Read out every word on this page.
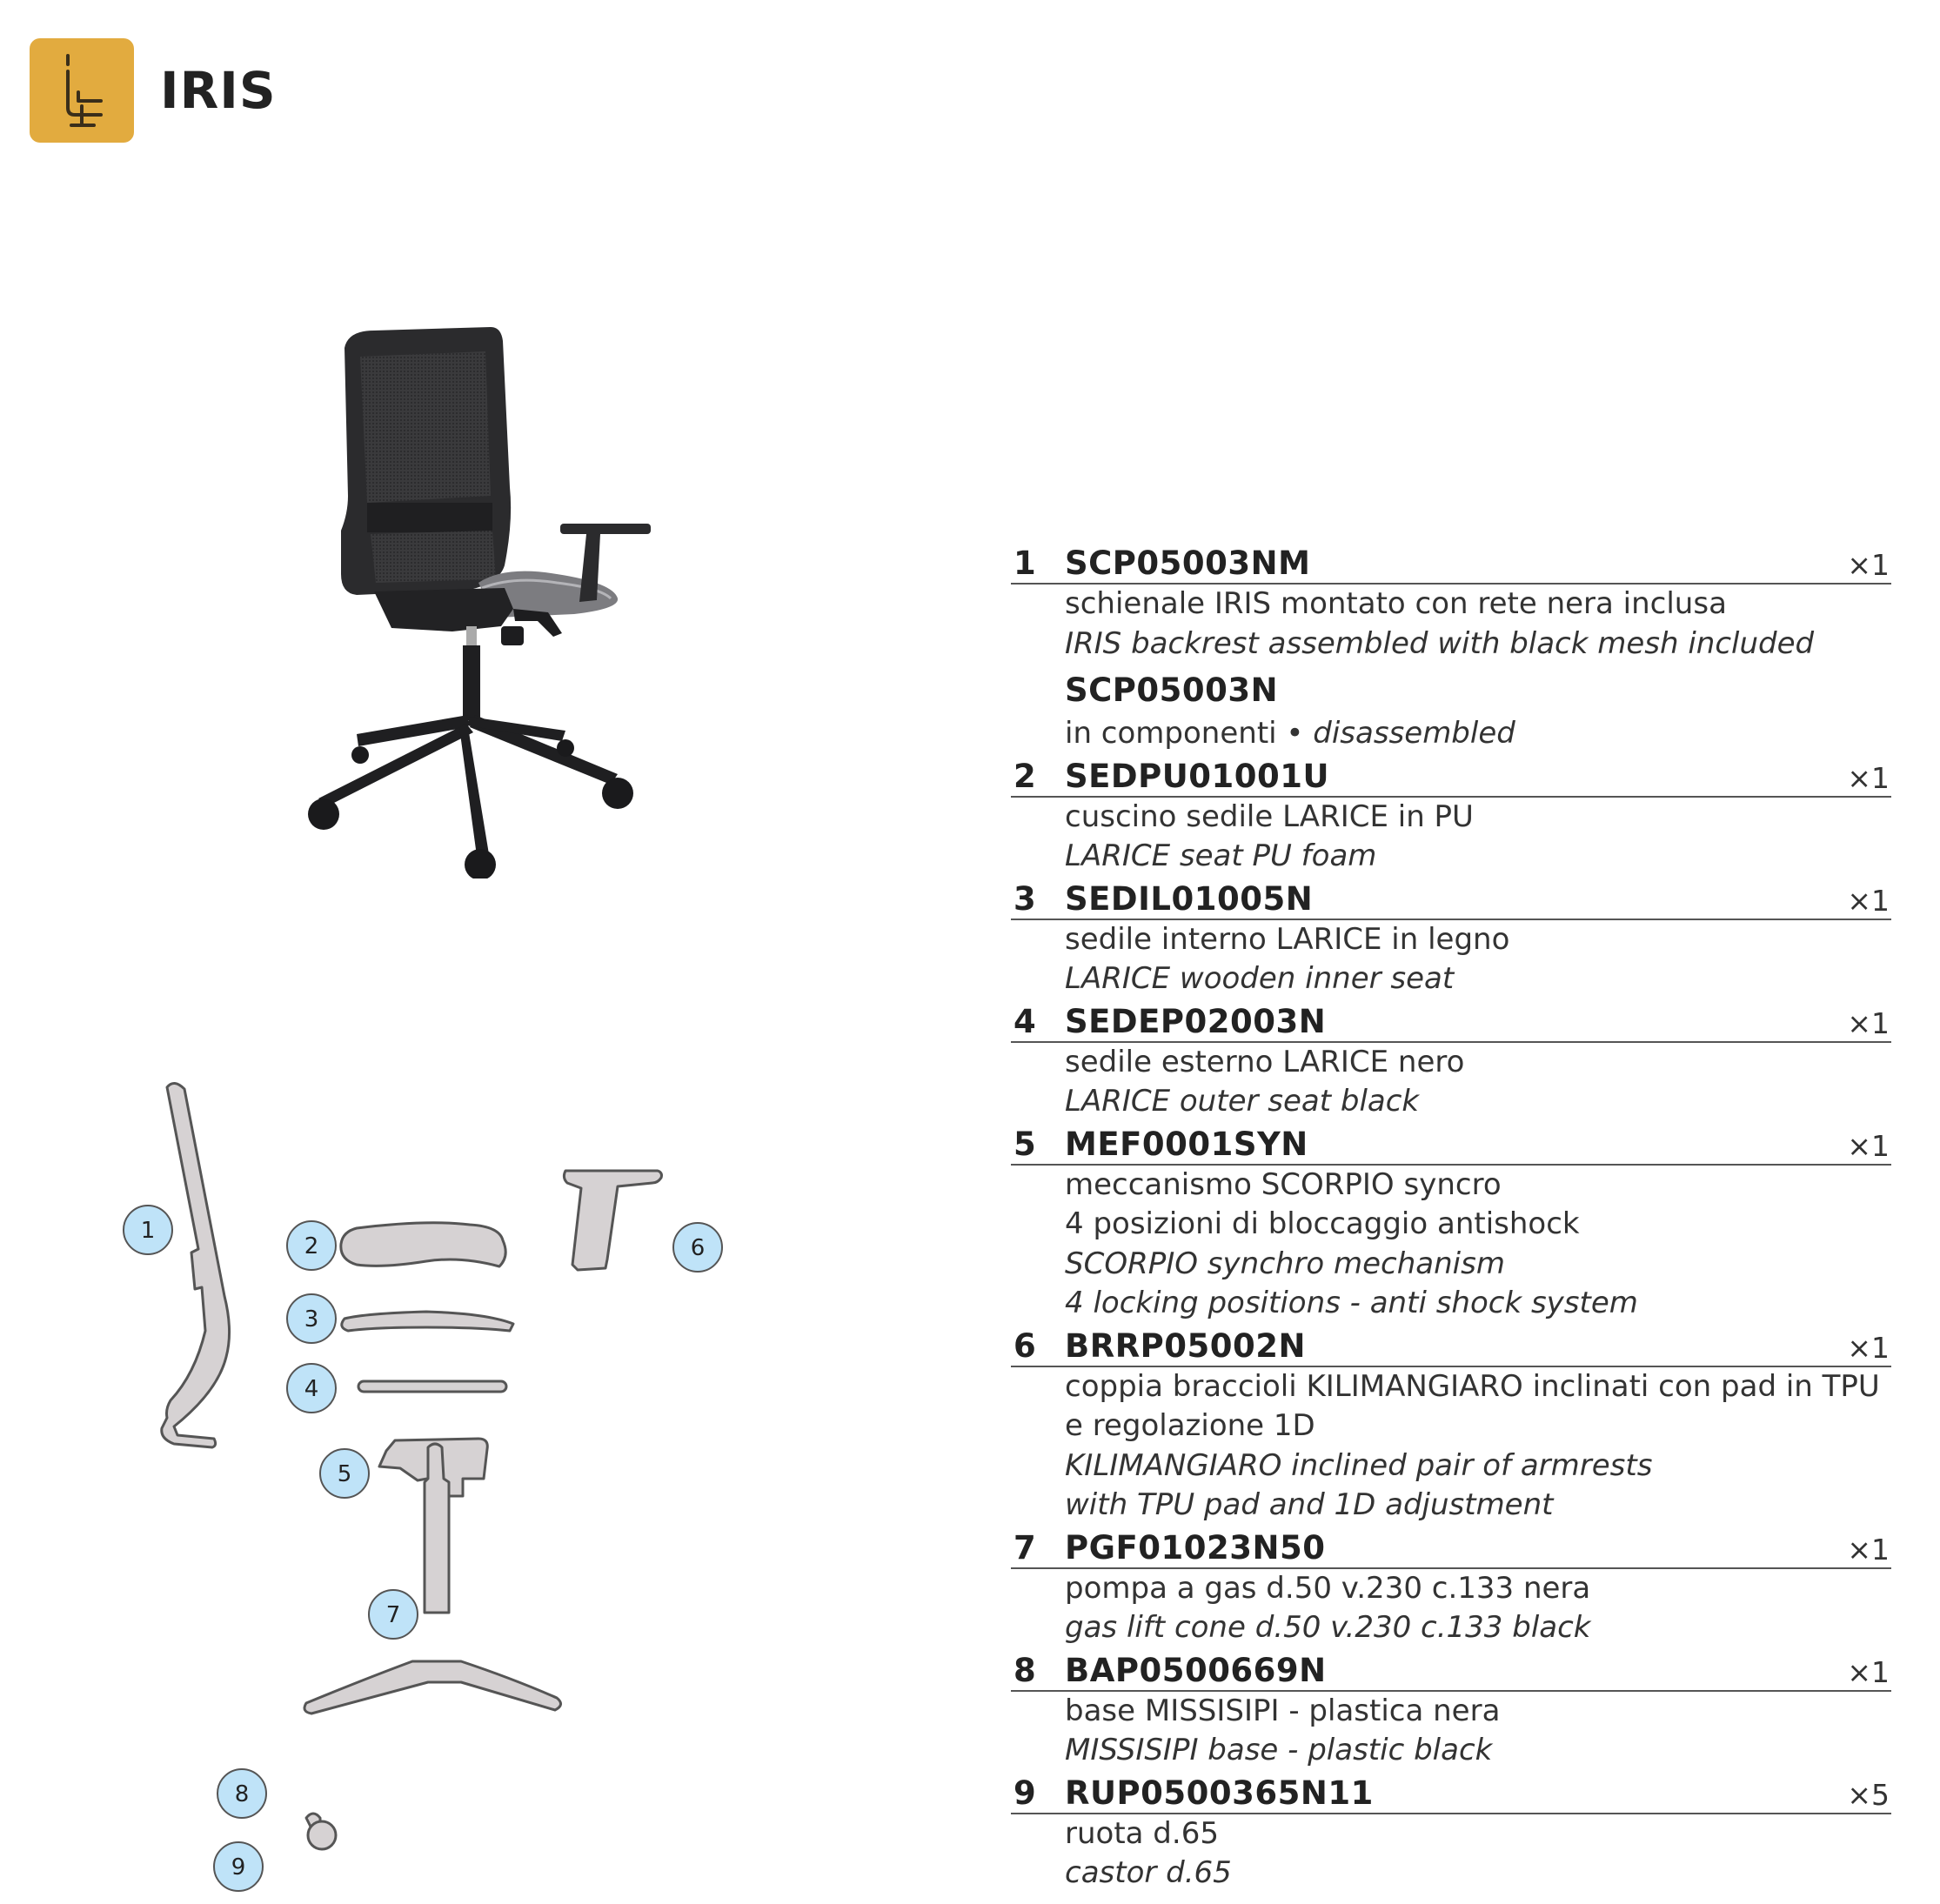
IRIS
1
2
3
4
5
6
7
8
9
1 SCP05003NM	×1
schienale IRIS montato con rete nera inclusa
IRIS backrest assembled with black mesh included
SCP05003N
in componenti • disassembled
2 SEDPU01001U	×1
cuscino sedile LARICE in PU
LARICE seat PU foam
3 SEDIL01005N	×1
sedile interno LARICE in legno
LARICE wooden inner seat
4 SEDEP02003N	×1
sedile esterno LARICE nero
LARICE outer seat black
5 MEF0001SYN	×1
meccanismo SCORPIO syncro
4 posizioni di bloccaggio antishock
SCORPIO synchro mechanism
4 locking positions - anti shock system
6 BRRP05002N	×1
coppia braccioli KILIMANGIARO inclinati con pad in TPU e regolazione 1D
KILIMANGIARO inclined pair of armrests
with TPU pad and 1D adjustment
7 PGF01023N50	×1
pompa a gas d.50 v.230 c.133 nera
gas lift cone d.50 v.230 c.133 black
8 BAP0500669N	×1
base MISSISIPI - plastica nera
MISSISIPI base - plastic black
9 RUP0500365N11	×5
ruota d.65
castor d.65
